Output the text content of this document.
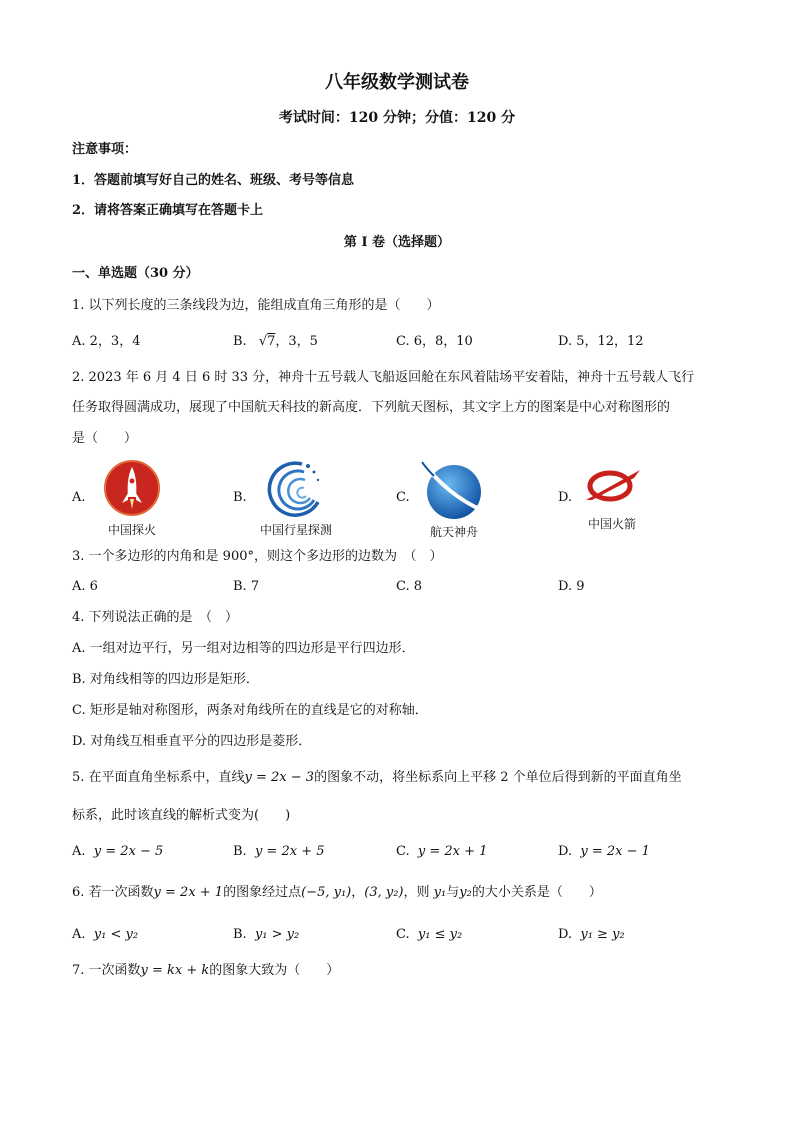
八年级数学测试卷
考试时间：120 分钟；分值：120 分
注意事项：
1．答题前填写好自己的姓名、班级、考号等信息
2．请将答案正确填写在答题卡上
第 I 卷（选择题）
一、单选题（30 分）
1. 以下列长度的三条线段为边，能组成直角三角形的是（　　）
A. 2，3，4	B. √7，3，5	C. 6，8，10	D. 5，12，12
2. 2023 年 6 月 4 日 6 时 33 分，神舟十五号载人飞船返回舱在东风着陆场平安着陆，神舟十五号载人飞行
任务取得圆满成功，展现了中国航天科技的新高度．下列航天图标，其文字上方的图案是中心对称图形的
是（　　）
A.
中国探火
B.
中国行星探测
C.
航天神舟
D.
中国火箭
3. 一个多边形的内角和是 900°，则这个多边形的边数为　（　）
A. 6	B. 7	C. 8	D. 9
4. 下列说法正确的是　（　）
A. 一组对边平行，另一组对边相等的四边形是平行四边形．
B. 对角线相等的四边形是矩形．
C. 矩形是轴对称图形，两条对角线所在的直线是它的对称轴．
D. 对角线互相垂直平分的四边形是菱形．
5. 在平面直角坐标系中，直线y = 2x − 3的图象不动，将坐标系向上平移 2 个单位后得到新的平面直角坐
标系，此时该直线的解析式变为(　　)
A. y = 2x − 5	B. y = 2x + 5	C. y = 2x + 1	D. y = 2x − 1
6. 若一次函数y = 2x + 1的图象经过点(−5, y₁)，(3, y₂)，则 y₁与y₂的大小关系是（　　）
A. y₁ < y₂	B. y₁ > y₂	C. y₁ ≤ y₂	D. y₁ ≥ y₂
7. 一次函数y = kx + k的图象大致为（　　）
